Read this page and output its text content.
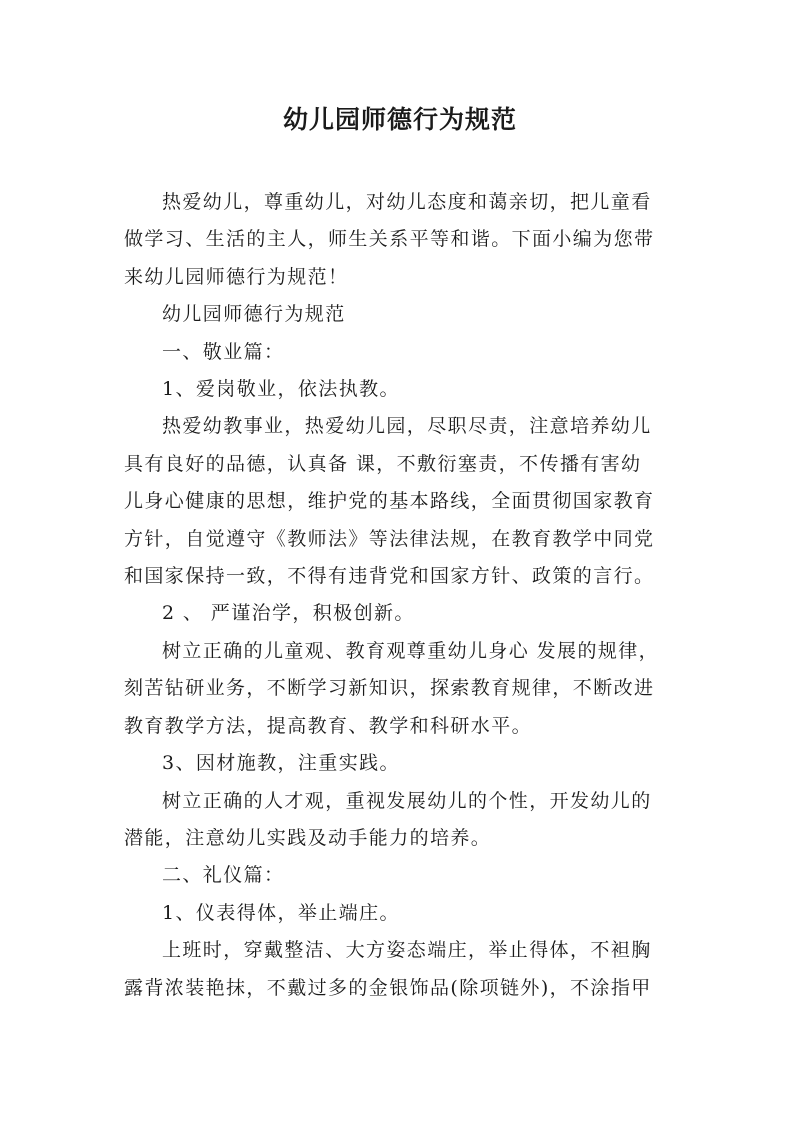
幼儿园师德行为规范

热爱幼儿，尊重幼儿，对幼儿态度和蔼亲切，把儿童看

做学习、生活的主人，师生关系平等和谐。下面小编为您带

来幼儿园师德行为规范！

幼儿园师德行为规范

一、敬业篇：

1、爱岗敬业，依法执教。

热爱幼教事业，热爱幼儿园，尽职尽责，注意培养幼儿

具有良好的品德，认真备 课，不敷衍塞责，不传播有害幼

儿身心健康的思想，维护党的基本路线，全面贯彻国家教育

方针，自觉遵守《教师法》等法律法规，在教育教学中同党

和国家保持一致，不得有违背党和国家方针、政策的言行。

2 、 严谨治学，积极创新。

树立正确的儿童观、教育观尊重幼儿身心 发展的规律，

刻苦钻研业务，不断学习新知识，探索教育规律，不断改进

教育教学方法，提高教育、教学和科研水平。

3、因材施教，注重实践。

树立正确的人才观，重视发展幼儿的个性，开发幼儿的

潜能，注意幼儿实践及动手能力的培养。

二、礼仪篇：

1、仪表得体，举止端庄。

上班时，穿戴整洁、大方姿态端庄，举止得体，不袒胸

露背浓装艳抹，不戴过多的金银饰品(除项链外)，不涂指甲
